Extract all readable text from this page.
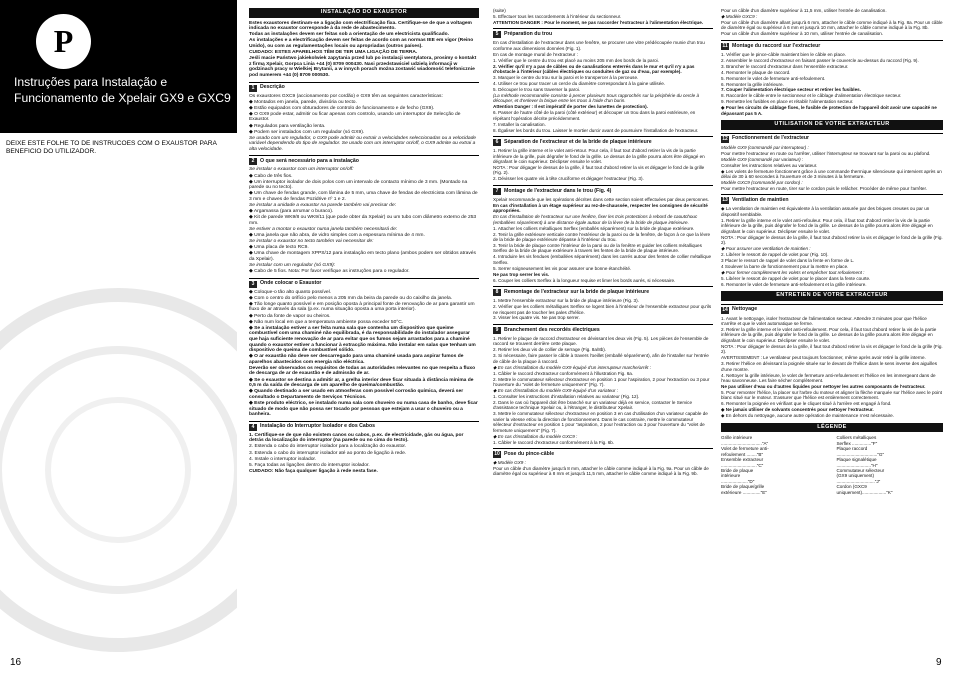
P
Instruções para Instalação e
Funcionamento de Xpelair GX9 e GXC9
DEIXE ESTE FOLHE TO DE INSTRUCOES COM O EXAUSTOR PARA BENEFICIO DO UTILIZADOR.
16
INSTALAÇÃO DO EXAUSTOR
Estes exaustores destinam-se a ligação com electrificação fixa. Certifique-se de que a voltagem indicada no exaustor corresponde à da rede de abastecimento.
Todas as instalações devem ser feitas sob a orientação de um electricista qualificado.
As instalações e a electrificação devem ser feitas de acordo com as normas IEE em vigor (Reino Unido), ou com as regulamentações locais ou apropriadas (outros países).
CUIDADO: ESTES APARELHOS TÊM DE TER UMA LIGAÇÃO DE TERRA.
Jeśli macie Państwo jakiekolwiek zapytania przed lub po instalacji wentylatora, prosimy o kontakt z firmą Xpelair, Gorpca Linia +44 (0) 8709 000430. Nasi przedstawiciel udzielą informacji w godzinach pracy w Wielkiej Brytanii, a w innych porach można zostawić wiadomość telefonicznie pod numerem +44 (0) 8709 000530.
1	Descrição
Os exaustores GXC9 (accionamento por cordão) e GX9 têm as seguintes características:
◆ Montados em janela, parede, divisória ou tecto.
◆ Estão equipados com obturadores de controlo de funcionamento e de fecho (GX9).
◆ O GX9 pode estar, admitir ou ficar apenas com controlo, usando um interruptor de Selecção de Exaustor.
◆ Regulados para ventilação lenta.
◆ Podem ser instalados com um regulador (só GX9).
Se usado com um regulador, o GX9 pode admitir ou extrair a velocidades seleccionadas ou a velocidade variável dependendo do tipo de regulador. Se usado com um interruptor on/off, o GX9 admite ou extrai a alta velocidade.
2	O que será necessário para a instalação
Se instalar o exaustor com um interruptor on/off:
◆ Cabo de três fios.
◆ Um interruptor isolador de dois polos com um intervalo de contacto mínimo de 3 mm. (Montado na parede ou no tecto).
◆ Um chave de fendas grande, com lâmina de 5 mm, uma chave de fendas de electricista com lâmina de 3 mm e chaves de fendas Pozidrive nº 1 e 2.
Se instalar a unidade a exaustor na parede também vai precisar de:
◆ Argamassa (para arrumar o buraco).
◆ Kit de parede WK9/8 ou WK9/11 (que pode obter da Xpelair) ou um tubo com diâmetro externo de 253 mm.
Se estiver a montar o exaustor numa janela também necessitará de:
◆ Uma janela que não abra, de vidro simples com a espessura mínima de 4 mm.
Se instalar o exaustor no tecto também vai necessitar de:
◆ Uma placa de tecto RC9.
◆ Uma chave de montagem XPPS/12 para instalação em tecto plano (ambos podem ser obtidos através da Xpelair).
Se instalar com um regulador (só GX9):
◆ Cabo de 5 fios. Nota: Por favor verifique as instruções para o regulador.
3	Onde colocar o Exaustor
◆ Coloque-o tão alto quanto possível.
◆ Com o centro do orifício pelo menos a 205 mm da beira da parede ou do caixilho da janela.
◆ Tão longe quanto possível e em posição oposta à principal fonte de renovação de ar para garantir um fluxo de ar através da sala (p.ex. numa situação oposta a uma porta interior).
◆ Perto da fonte de vapor ou cheiros.
◆ Não num local em que a temperatura ambiente possa exceder 50°C.
◆ Se a instalação estiver a ser feita numa sala que contenha um dispositivo que queime combustível com uma chaminé não equilibrada, é da responsabilidade do instalador assegurar que haja suficiente renovação de ar para evitar que os fumos sejam arrastados para a chaminé quando o exaustor estiver a funcionar à extracção máxima. Não instalar em salas que tenham um dispositivo de queima de combustível sólido.
◆ O ar exaustão não deve ser descarregado para uma chaminé usada para aspirar fumos de aparelhos abastecidos com energia não eléctrica.
Deverão ser observados os requisitos de todas as autoridades relevantes no que respeita a fluxo de descarga de ar de exaustão e de admissão de ar.
◆ Se o exaustor se destina a admitir ar, a grelha interior deve ficar situada à distância mínima de 0,5 m da saída de descarga de um aparelho de queima/combustão.
◆ Quando destinado a ser usado em atmosferas com possível corrosão química, deverá ser consultado o Departamento de Serviços Técnicos.
◆ Este produto eléctrico, se instalado numa sala com chuveiro ou numa casa de banho, deve ficar situado de modo que não possa ser tocado por pessoas que estejam a usar o chuveiro ou a banheira.
4	Instalação do Interruptor Isolador e dos Cabos
1. Certifique-se de que não existem canos ou cabos, p.ex. de electricidade, gás ou água, por detrás da localização do interruptor (na parede ou no cima do tecto).
2. Estenda o cabo do interruptor isolador para a localização do exaustor.
3. Estenda o cabo do interruptor isolador até ao ponto de ligação à rede.
4. Instale o interruptor isolador.
5. Faça todas as ligações dentro do interruptor isolador.
CUIDADO: Não faça qualquer ligação à rede nesta fase.
(suite)
5. Effectuer tous les raccordements à l'intérieur du sectionneur.
ATTENTION DANGER : Pour le moment, ne pas raccorder l'extracteur à l'alimentation électrique.
5	Préparation du trou
En cas d'installation de l'extracteur dans une fenêtre, se procurer une vitre prédécoupée munie d'un trou conforme aux dimensions données (Fig. 1).
En cas de montage mural de l'extracteur :
1. Vérifier que le centre du trou est placé au moins 205 mm des bords de la paroi.
2. Vérifier qu'il n'y a pas de câbles ou de canalisations enterrés dans le mur et qu'il n'y a pas d'obstacle à l'intérieur (câbles électriques ou conduites de gaz ou d'eau, par exemple).
3. Marquer le centre du trou sur la paroi et le transpercer à la perceuse.
4. Utiliser ce trou pour tracer un cercle du diamètre correspondant à la gaine utilisée.
5. Découper le trou sans traverser la paroi.
(La méthode recommandée consiste à percer plusieurs trous rapprochés sur la périphérie du cercle à découper, et d'enlever la brique entre les trous à l'aide d'un burin.
Attention Danger : Il est impératif de porter des lunettes de protection).
6. Passer de l'autre côté de la paroi (côté extérieur) et découper un trou dans la paroi extérieure, en répétant l'opération décrite précédemment.
7. Installer la canalisation.
8. Égaliser les bords du trou. Laisser le mortier durcir avant de poursuivre l'installation de l'extracteur.
6	Séparation de l'extracteur et de la bride de plaque intérieure
1. Retirer la grille interne et le volet anti-retour. Pour cela, il faut tout d'abord retirer la vis de la partie inférieure de la grille, puis dégrafer le fond de la grille. Le dessus de la grille pourra alors être dégagé en dégrafant le coin supérieur. Déclipser ensuite le volet.
NOTA : Pour dégager le dessus de la grille, il faut tout d'abord retirer la vis et dégager le fond de la grille (Fig. 2).
2. Dévisser les quatre vis à tête cruciforme et dégager l'extracteur (Fig. 3).
7	Montage de l'extracteur dans le trou (Fig. 4)
Xpelair recommande que les opérations décrites dans cette section soient effectuées par deux personnes.
En cas d'installation à un étage supérieur au rez-de-chaussée, respecter les consignes de sécurité appropriées.
En cas d'installation de l'extracteur sur une fenêtre, fixer les trois protections à rebord de caoutchouc (emballées séparément) à une distance égale autour de la lèvre de la bride de plaque intérieure.
1. Attacher les colliers métalliques Serflex (emballés séparément) sur la bride de plaque extérieure.
2. Tenir la grille extérieure verticale contre l'extérieur de la paroi ou de la fenêtre, de façon à ce que la lèvre de la bride de plaque extérieure dépasse à l'intérieur du trou.
3. Tenir la bride de plaque contre l'intérieur de la paroi ou de la fenêtre et guider les colliers métalliques Serflex de la bride de plaque extérieure à travers les fentes de la bride de plaque intérieure.
4. Introduire les vis fendues (emballées séparément) dans les carrés autour des fentes de collier métallique Serflex.
5. Serrer soigneusement les vis pour assurer une bonne étanchéité.
Ne pas trop serrer les vis.
6. Couper les colliers Serflex à la longueur requise et limer les bords aurés, si nécessaire.
8	Remontage de l'extracteur sur la bride de plaque intérieure
1. Mettre l'ensemble extracteur sur la bride de plaque intérieure (Fig. 3).
2. Vérifier que les colliers métalliques Serflex se logent bien à l'intérieur de l'ensemble extracteur pour qu'ils ne risquent pas de toucher les pales d'hélice.
3. Visser les quatre vis. Ne pas trop serrer.
9	Branchement des recordés électriques
1. Retirer le plaque de raccord d'extracteur en dévissant les deux vis (Fig. 5). Les pièces de l'ensemble de raccord se trouvent derrière cette plaque.
2. Retirer les deux vis de collier de serrage (Fig. 8a/8b).
3. Si nécessaire, faire passer le câble à travers l'oeillet (emballé séparément), afin de l'installer sur l'entrée de câble de la plaque à raccord.
◆ En cas d'installation du modèle GX9 équipé d'un interrupteur marche/arrêt :
1. Câbler le raccord d'extracteur conformément à l'illustration Fig. 6a.
2. Mettre le commutateur sélecteur d'extracteur en position 1 pour l'aspiration, 2 pour l'extraction ou 3 pour l'ouverture du "volet de fermeture uniquement" (Fig. 7).
◆ En cas d'installation du modèle GX9 équipé d'un variateur :
1. Consulter les instructions d'installation relatives au variateur (Fig. 12).
2. Dans le cas où l'appareil doit être branché sur un variateur déjà en service, contacter le Service d'assistance technique Xpelair ou, à l'étranger, le distributeur Xpelair.
3. Mettre le commutateur sélecteur d'extracteur en position 3 en cas d'utilisation d'un variateur capable de varier la vitesse et/ou la direction de fonctionnement. Dans le cas contraire, mettre le commutateur sélecteur d'extracteur en position 1 pour "aspiration, 2 pour l'extraction ou 3 pour l'ouverture du "volet de fermeture uniquement" (Fig. 7).
◆ En cas d'installation du modèle GXC9 :
1. Câbler le raccord d'extracteur conformément à la Fig. 6b.
10 Pose du pince-câble
◆ Modèle GX9 :
Pour un câble d'un diamètre jusqu'à 8 mm, attacher le câble comme indiqué à la Fig. 9a. Pour un câble de diamètre égal ou supérieur à 8 mm et jusqu'à 11,5 mm, attacher le câble comme indiqué à la Fig. 9b.
Pour un câble d'un diamètre supérieur à 11,5 mm, utiliser l'entrée de canalisation.
◆ Modèle GXC9 :
Pour un câble d'un diamètre allant jusqu'à 6 mm, attacher le câble comme indiqué à la Fig. 8a. Pour un câble de diamètre égal ou supérieur à 6 mm et jusqu'à 10 mm, attacher le câble comme indiqué à la Fig. 8b.
Pour un câble d'un diamètre supérieur à 10 mm, utiliser l'entrée de canalisation.
11 Montage du raccord sur l'extracteur
1. Vérifier que le pince-câble maintient bien le câble en place.
2. Assembler le raccord d'extracteur en faisant passer le couvercle au-dessus du raccord (Fig. 9).
3. Brancher le raccord d'extracteur dans l'ensemble extracteur.
4. Remonter le plaque de raccord.
5. Remonter le volet de fermeture anti-refoulement.
6. Remonter la grille intérieure.
7. Couper l'alimentation électrique secteur et retirer les fusibles.
8. Raccorder le câble entre le sectionneur et le câblage d'alimentation électrique secteur.
9. Remettre les fusibles en place et rétablir l'alimentation secteur.
◆ Pour les circuits de câblage fixes, le fusible de protection de l'appareil doit avoir une capacité ne dépassant pas 5 A.
UTILISATION DE VOTRE EXTRACTEUR
12 Fonctionnement de l'extracteur
Modèle GX9 (commandé par interrupteur) :
Pour mettre l'extracteur en route ou l'arrêter, utiliser l'interrupteur se trouvant sur la paroi ou au plafond.
Modèle GX9 (commandé par variateur) :
Consulter les instructions relatives au variateur.
◆ Les volets de fermeture fonctionnent grâce à une commande thermique silencieuse qui intervient après un délai de 30 à 60 secondes à l'ouverture et de 3 minutes à la fermeture.
Modèle GXC9 (commandé par cordon) :
Pour mettre l'extracteur en route, tirer sur le cordon puis le relâcher. Procéder de même pour l'arrêter.
13 Ventilation de maintien
◆ La ventilation de maintien est équivalente à la ventilation assurée par des briques creuses ou par un dispositif semblable.
1. Retirer la grille interne et le volet anti-refouleur. Pour cela, il faut tout d'abord retirer la vis de la partie inférieure de la grille, puis dégrafer le fond de la grille. Le dessus de la grille pourra alors être dégagé en dégrafant le coin supérieur. Déclipser ensuite le volet.
NOTA : Pour dégager le dessus de la grille, il faut tout d'abord retirer la vis et dégager le fond de la grille (Fig. 2).
◆ Pour assurer une ventilation de maintien :
2. Libérer le ressort de rappel de volet pour (Fig. 10).
3 Placer le ressort de rappel de volet dans la fente en forme de L.
4 Soulever la barre de fonctionnement pour la mettre en place.
◆ Pour fermer complètement les volets et empêcher tout refoulement :
5. Libérer le ressort de rappel de volet pour le placer dans la fente courte.
6. Remonter le volet de fermeture anti-refoulement et la grille intérieure.
ENTRETIEN DE VOTRE EXTRACTEUR
14 Nettoyage
1. Avant le nettoyage, isoler l'extracteur de l'alimentation secteur. Attendre 3 minutes pour que l'hélice s'arrête et que le volet automatique se ferme.
2. Retirer la grille interne et le volet anti-refoulement. Pour cela, il faut tout d'abord retirer la vis de la partie inférieure de la grille, puis dégrafer le fond de la grille. Le dessus de la grille pourra alors être dégagé en dégrafant le coin supérieur. Déclipser ensuite le volet.
NOTA : Pour dégager le dessus de la grille, il faut tout d'abord retirer la vis et dégager le fond de la grille (Fig. 2).
AVERTISSEMENT : Le ventilateur peut toujours fonctionner, même après avoir retiré la grille interne.
3. Retirer l'hélice en dévissant la poignée située sur le devant de l'hélice dans le sens inverse des aiguilles d'une montre.
4. Nettoyer la grille intérieure, le volet de fermeture anti-refoulement et l'hélice en les immergeant dans de l'eau savonneuse. Les faire sécher complètement.
Ne pas utiliser d'eau ou d'autres liquides pour nettoyer les autres composants de l'extracteur.
5. Pour remonter l'hélice, la placer sur l'arbre du moteur et aligner la flèche marquée sur l'hélice avec le point blanc situé sur le moteur. S'assurer que l'hélice est entièrement correctement.
6. Remonter la poignée en vérifiant que le cliquet situé à l'arrière est engagé à fond.
◆ Ne jamais utiliser de solvants concentrés pour nettoyer l'extracteur.
◆ En dehors du nettoyage, aucune autre opération de maintenance n'est nécessaire.
LÉGENDE
Grille intérieure ................................"A"
Volet de fermeture anti-refoulement ........"B"
Ensemble extracteur ............................"C"
Bride de plaque intérieure ....................."D"
Bride de plaque/grille extérieure .............."E"
Colliers métalliques Serflex ..............."F"
Plaque raccord ................................"G"
Plaque signalétique ..........................."H"
Commutateur sélecteur
(GX9 uniquement) .............................."J"
Cordon (GXC9 uniquement)..................."K"
9
